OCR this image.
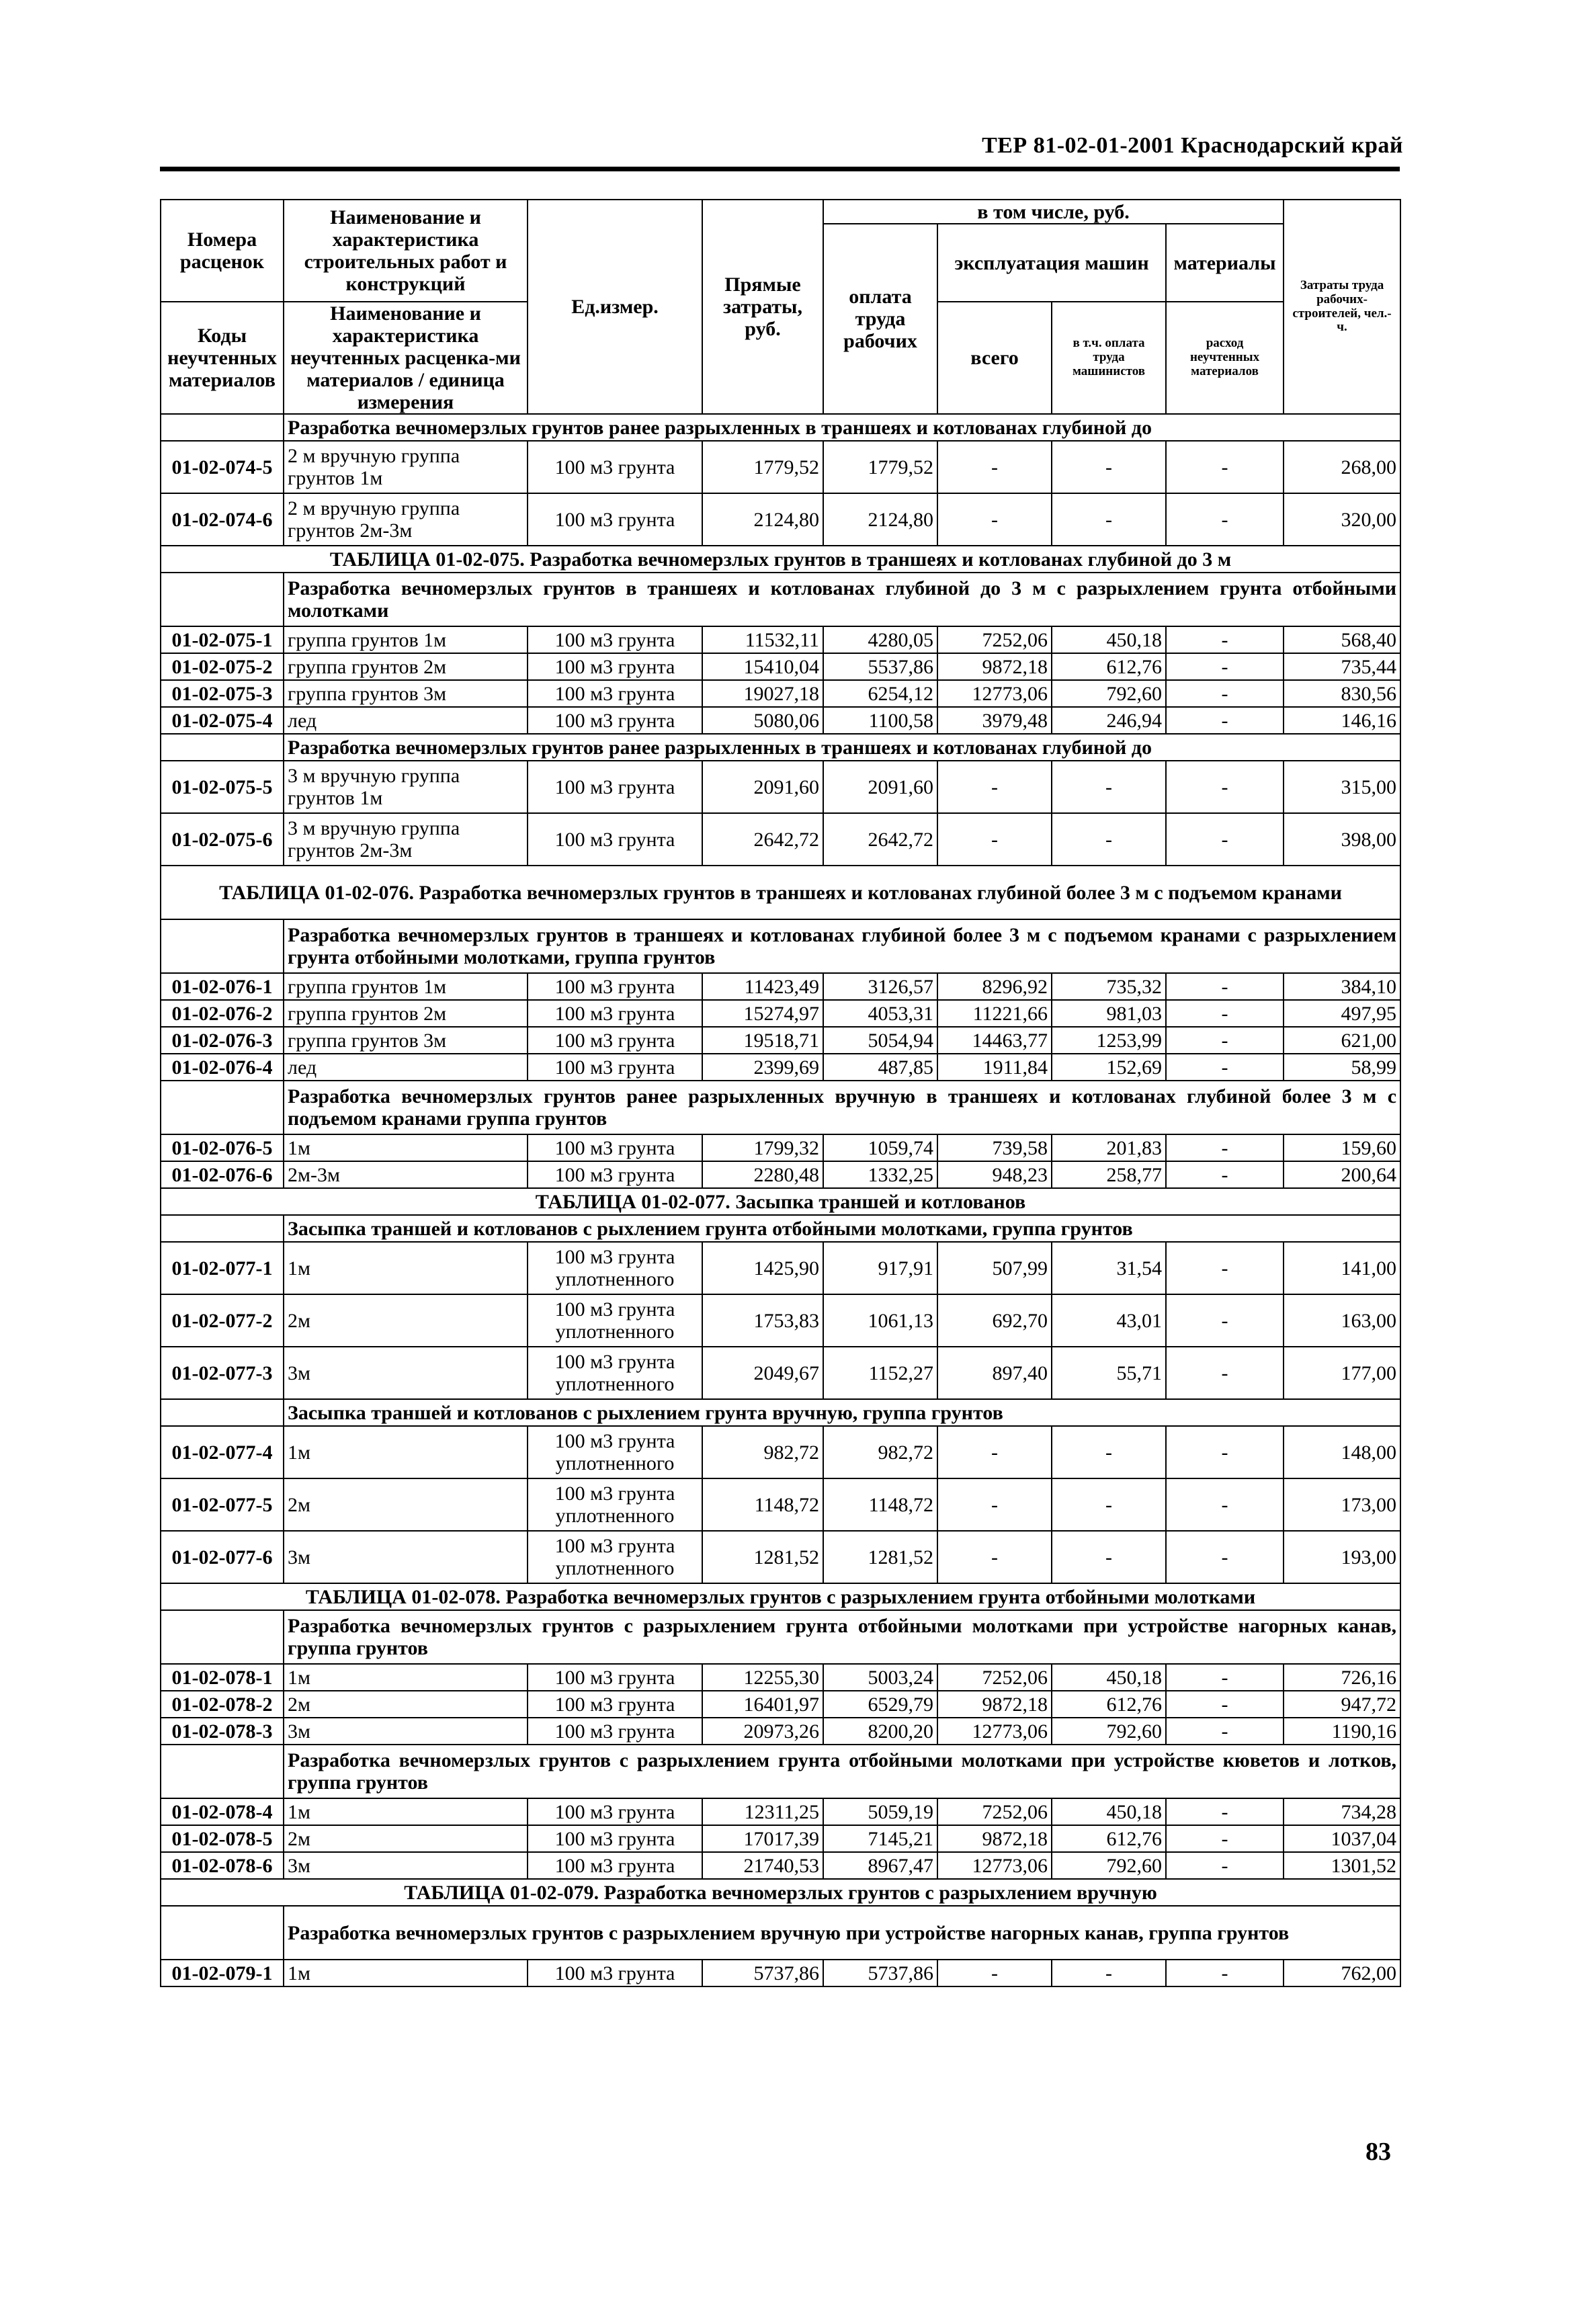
ТЕР 81-02-01-2001 Краснодарский край
Номера расценок	Наименование и характеристика строительных работ и конструкций	Ед.измер.	Прямые затраты, руб.	в том числе, руб.				Затраты труда рабочих-строителей, чел.-ч.
				оплата труда рабочих	эксплуатация машин		материалы	

Коды неучтенных материалов	Наименование и характеристика неучтенных расценка-ми материалов / единица измерения				всего	в т.ч. оплата труда машинистов	расход неучтенных материалов	

	Разработка вечномерзлых грунтов ранее разрыхленных в траншеях и котлованах глубиной до							
01-02-074-5	2 м вручную группа грунтов 1м	100 м3 грунта	1779,52	1779,52	-	-	-	268,00
01-02-074-6	2 м вручную группа грунтов 2м-3м	100 м3 грунта	2124,80	2124,80	-	-	-	320,00
ТАБЛИЦА 01-02-075. Разработка вечномерзлых грунтов в траншеях и котлованах глубиной до 3 м								
	Разработка вечномерзлых грунтов в траншеях и котлованах глубиной до 3 м с разрыхлением грунта отбойными молотками							
01-02-075-1	группа грунтов 1м	100 м3 грунта	11532,11	4280,05	7252,06	450,18	-	568,40
01-02-075-2	группа грунтов 2м	100 м3 грунта	15410,04	5537,86	9872,18	612,76	-	735,44
01-02-075-3	группа грунтов 3м	100 м3 грунта	19027,18	6254,12	12773,06	792,60	-	830,56
01-02-075-4	лед	100 м3 грунта	5080,06	1100,58	3979,48	246,94	-	146,16
	Разработка вечномерзлых грунтов ранее разрыхленных в траншеях и котлованах глубиной до							
01-02-075-5	3 м вручную группа грунтов 1м	100 м3 грунта	2091,60	2091,60	-	-	-	315,00
01-02-075-6	3 м вручную группа грунтов 2м-3м	100 м3 грунта	2642,72	2642,72	-	-	-	398,00
ТАБЛИЦА 01-02-076. Разработка вечномерзлых грунтов в траншеях и котлованах глубиной более 3 м с подъемом кранами								
	Разработка вечномерзлых грунтов в траншеях и котлованах глубиной более 3 м с подъемом кранами с разрыхлением грунта отбойными молотками, группа грунтов							
01-02-076-1	группа грунтов 1м	100 м3 грунта	11423,49	3126,57	8296,92	735,32	-	384,10
01-02-076-2	группа грунтов 2м	100 м3 грунта	15274,97	4053,31	11221,66	981,03	-	497,95
01-02-076-3	группа грунтов 3м	100 м3 грунта	19518,71	5054,94	14463,77	1253,99	-	621,00
01-02-076-4	лед	100 м3 грунта	2399,69	487,85	1911,84	152,69	-	58,99
	Разработка вечномерзлых грунтов ранее разрыхленных вручную в траншеях и котлованах глубиной более 3 м с подъемом кранами группа грунтов							
01-02-076-5	1м	100 м3 грунта	1799,32	1059,74	739,58	201,83	-	159,60
01-02-076-6	2м-3м	100 м3 грунта	2280,48	1332,25	948,23	258,77	-	200,64
ТАБЛИЦА 01-02-077. Засыпка траншей и котлованов								
	Засыпка траншей и котлованов с рыхлением грунта отбойными молотками, группа грунтов							
01-02-077-1	1м	100 м3 грунта уплотненного	1425,90	917,91	507,99	31,54	-	141,00
01-02-077-2	2м	100 м3 грунта уплотненного	1753,83	1061,13	692,70	43,01	-	163,00
01-02-077-3	3м	100 м3 грунта уплотненного	2049,67	1152,27	897,40	55,71	-	177,00
	Засыпка траншей и котлованов с рыхлением грунта вручную, группа грунтов							
01-02-077-4	1м	100 м3 грунта уплотненного	982,72	982,72	-	-	-	148,00
01-02-077-5	2м	100 м3 грунта уплотненного	1148,72	1148,72	-	-	-	173,00
01-02-077-6	3м	100 м3 грунта уплотненного	1281,52	1281,52	-	-	-	193,00
ТАБЛИЦА 01-02-078. Разработка вечномерзлых грунтов с разрыхлением грунта отбойными молотками								
	Разработка вечномерзлых грунтов с разрыхлением грунта отбойными молотками при устройстве нагорных канав, группа грунтов							
01-02-078-1	1м	100 м3 грунта	12255,30	5003,24	7252,06	450,18	-	726,16
01-02-078-2	2м	100 м3 грунта	16401,97	6529,79	9872,18	612,76	-	947,72
01-02-078-3	3м	100 м3 грунта	20973,26	8200,20	12773,06	792,60	-	1190,16
	Разработка вечномерзлых грунтов с разрыхлением грунта отбойными молотками при устройстве кюветов и лотков, группа грунтов							
01-02-078-4	1м	100 м3 грунта	12311,25	5059,19	7252,06	450,18	-	734,28
01-02-078-5	2м	100 м3 грунта	17017,39	7145,21	9872,18	612,76	-	1037,04
01-02-078-6	3м	100 м3 грунта	21740,53	8967,47	12773,06	792,60	-	1301,52
ТАБЛИЦА 01-02-079. Разработка вечномерзлых грунтов с разрыхлением вручную								
	Разработка вечномерзлых грунтов с разрыхлением вручную при устройстве нагорных канав, группа грунтов							
01-02-079-1	1м	100 м3 грунта	5737,86	5737,86	-	-	-	762,00
83
